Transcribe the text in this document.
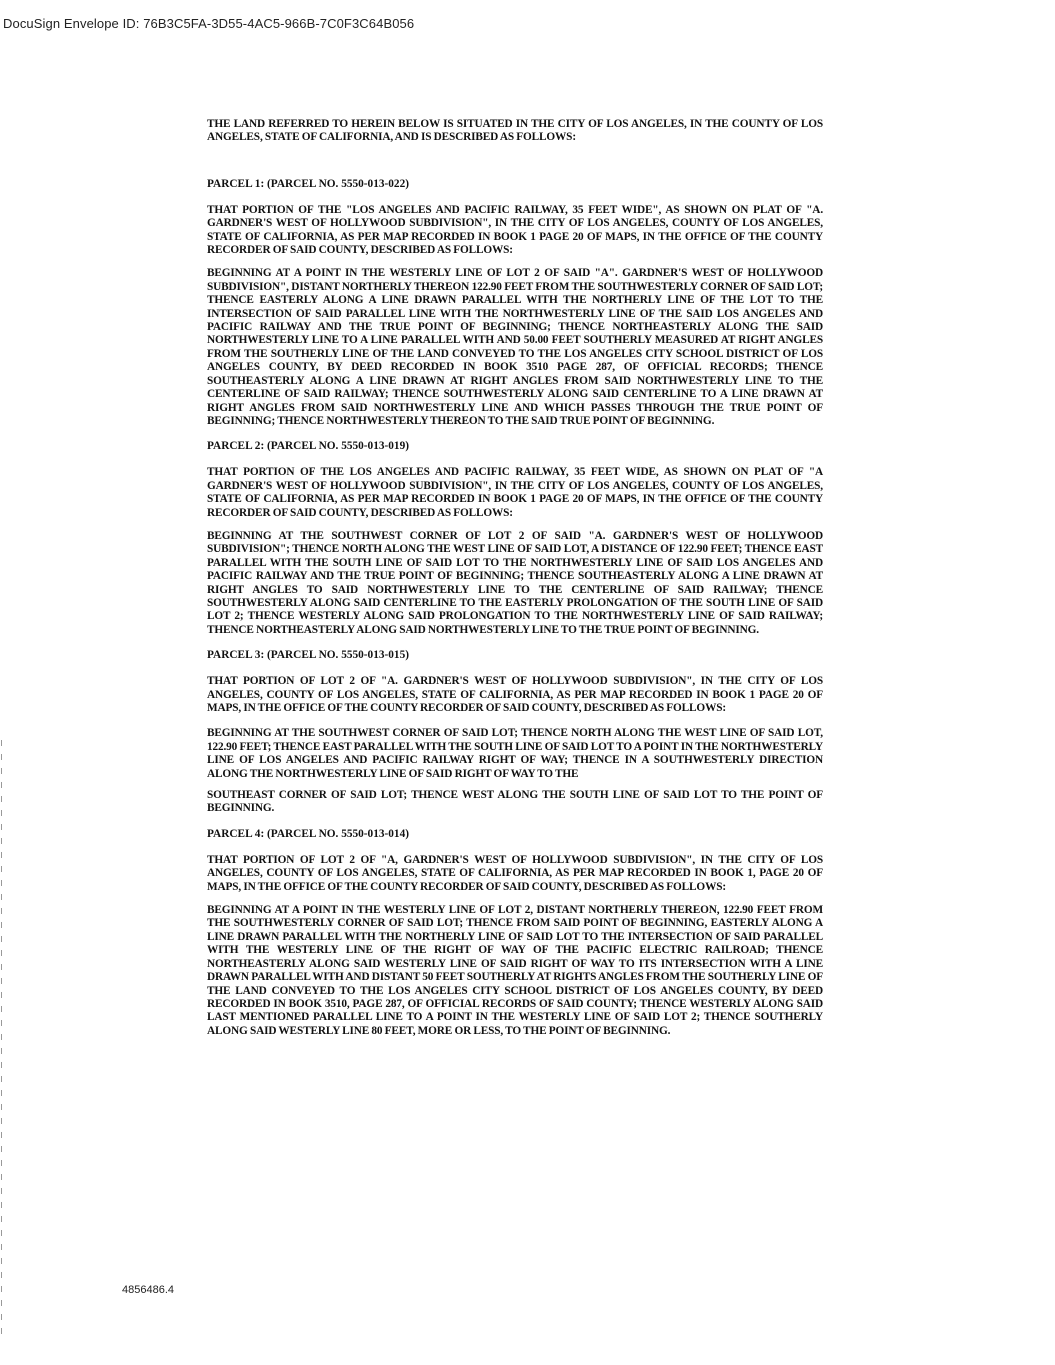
DocuSign Envelope ID: 76B3C5FA-3D55-4AC5-966B-7C0F3C64B056

THE LAND REFERRED TO HEREIN BELOW IS SITUATED IN THE CITY OF LOS ANGELES, IN THE COUNTY OF LOS ANGELES, STATE OF CALIFORNIA, AND IS DESCRIBED AS FOLLOWS:

PARCEL 1: (PARCEL NO. 5550-013-022)

THAT PORTION OF THE "LOS ANGELES AND PACIFIC RAILWAY, 35 FEET WIDE", AS SHOWN ON PLAT OF "A. GARDNER'S WEST OF HOLLYWOOD SUBDIVISION", IN THE CITY OF LOS ANGELES, COUNTY OF LOS ANGELES, STATE OF CALIFORNIA, AS PER MAP RECORDED IN BOOK 1 PAGE 20 OF MAPS, IN THE OFFICE OF THE COUNTY RECORDER OF SAID COUNTY, DESCRIBED AS FOLLOWS:

BEGINNING AT A POINT IN THE WESTERLY LINE OF LOT 2 OF SAID "A". GARDNER'S WEST OF HOLLYWOOD SUBDIVISION", DISTANT NORTHERLY THEREON 122.90 FEET FROM THE SOUTHWESTERLY CORNER OF SAID LOT; THENCE EASTERLY ALONG A LINE DRAWN PARALLEL WITH THE NORTHERLY LINE OF THE LOT TO THE INTERSECTION OF SAID PARALLEL LINE WITH THE NORTHWESTERLY LINE OF THE SAID LOS ANGELES AND PACIFIC RAILWAY AND THE TRUE POINT OF BEGINNING; THENCE NORTHEASTERLY ALONG THE SAID NORTHWESTERLY LINE TO A LINE PARALLEL WITH AND 50.00 FEET SOUTHERLY MEASURED AT RIGHT ANGLES FROM THE SOUTHERLY LINE OF THE LAND CONVEYED TO THE LOS ANGELES CITY SCHOOL DISTRICT OF LOS ANGELES COUNTY, BY DEED RECORDED IN BOOK 3510 PAGE 287, OF OFFICIAL RECORDS; THENCE SOUTHEASTERLY ALONG A LINE DRAWN AT RIGHT ANGLES FROM SAID NORTHWESTERLY LINE TO THE CENTERLINE OF SAID RAILWAY; THENCE SOUTHWESTERLY ALONG SAID CENTERLINE TO A LINE DRAWN AT RIGHT ANGLES FROM SAID NORTHWESTERLY LINE AND WHICH PASSES THROUGH THE TRUE POINT OF BEGINNING; THENCE NORTHWESTERLY THEREON TO THE SAID TRUE POINT OF BEGINNING.

PARCEL 2: (PARCEL NO. 5550-013-019)

THAT PORTION OF THE LOS ANGELES AND PACIFIC RAILWAY, 35 FEET WIDE, AS SHOWN ON PLAT OF "A GARDNER'S WEST OF HOLLYWOOD SUBDIVISION", IN THE CITY OF LOS ANGELES, COUNTY OF LOS ANGELES, STATE OF CALIFORNIA, AS PER MAP RECORDED IN BOOK 1 PAGE 20 OF MAPS, IN THE OFFICE OF THE COUNTY RECORDER OF SAID COUNTY, DESCRIBED AS FOLLOWS:

BEGINNING AT THE SOUTHWEST CORNER OF LOT 2 OF SAID "A. GARDNER'S WEST OF HOLLYWOOD SUBDIVISION"; THENCE NORTH ALONG THE WEST LINE OF SAID LOT, A DISTANCE OF 122.90 FEET; THENCE EAST PARALLEL WITH THE SOUTH LINE OF SAID LOT TO THE NORTHWESTERLY LINE OF SAID LOS ANGELES AND PACIFIC RAILWAY AND THE TRUE POINT OF BEGINNING; THENCE SOUTHEASTERLY ALONG A LINE DRAWN AT RIGHT ANGLES TO SAID NORTHWESTERLY LINE TO THE CENTERLINE OF SAID RAILWAY; THENCE SOUTHWESTERLY ALONG SAID CENTERLINE TO THE EASTERLY PROLONGATION OF THE SOUTH LINE OF SAID LOT 2; THENCE WESTERLY ALONG SAID PROLONGATION TO THE NORTHWESTERLY LINE OF SAID RAILWAY; THENCE NORTHEASTERLY ALONG SAID NORTHWESTERLY LINE TO THE TRUE POINT OF BEGINNING.

PARCEL 3: (PARCEL NO. 5550-013-015)

THAT PORTION OF LOT 2 OF "A. GARDNER'S WEST OF HOLLYWOOD SUBDIVISION", IN THE CITY OF LOS ANGELES, COUNTY OF LOS ANGELES, STATE OF CALIFORNIA, AS PER MAP RECORDED IN BOOK 1 PAGE 20 OF MAPS, IN THE OFFICE OF THE COUNTY RECORDER OF SAID COUNTY, DESCRIBED AS FOLLOWS:

BEGINNING AT THE SOUTHWEST CORNER OF SAID LOT; THENCE NORTH ALONG THE WEST LINE OF SAID LOT, 122.90 FEET; THENCE EAST PARALLEL WITH THE SOUTH LINE OF SAID LOT TO A POINT IN THE NORTHWESTERLY LINE OF LOS ANGELES AND PACIFIC RAILWAY RIGHT OF WAY; THENCE IN A SOUTHWESTERLY DIRECTION ALONG THE NORTHWESTERLY LINE OF SAID RIGHT OF WAY TO THE

SOUTHEAST CORNER OF SAID LOT; THENCE WEST ALONG THE SOUTH LINE OF SAID LOT TO THE POINT OF BEGINNING.

PARCEL 4: (PARCEL NO. 5550-013-014)

THAT PORTION OF LOT 2 OF "A, GARDNER'S WEST OF HOLLYWOOD SUBDIVISION", IN THE CITY OF LOS ANGELES, COUNTY OF LOS ANGELES, STATE OF CALIFORNIA, AS PER MAP RECORDED IN BOOK 1, PAGE 20 OF MAPS, IN THE OFFICE OF THE COUNTY RECORDER OF SAID COUNTY, DESCRIBED AS FOLLOWS:

BEGINNING AT A POINT IN THE WESTERLY LINE OF LOT 2, DISTANT NORTHERLY THEREON, 122.90 FEET FROM THE SOUTHWESTERLY CORNER OF SAID LOT; THENCE FROM SAID POINT OF BEGINNING, EASTERLY ALONG A LINE DRAWN PARALLEL WITH THE NORTHERLY LINE OF SAID LOT TO THE INTERSECTION OF SAID PARALLEL WITH THE WESTERLY LINE OF THE RIGHT OF WAY OF THE PACIFIC ELECTRIC RAILROAD; THENCE NORTHEASTERLY ALONG SAID WESTERLY LINE OF SAID RIGHT OF WAY TO ITS INTERSECTION WITH A LINE DRAWN PARALLEL WITH AND DISTANT 50 FEET SOUTHERLY AT RIGHTS ANGLES FROM THE SOUTHERLY LINE OF THE LAND CONVEYED TO THE LOS ANGELES CITY SCHOOL DISTRICT OF LOS ANGELES COUNTY, BY DEED RECORDED IN BOOK 3510, PAGE 287, OF OFFICIAL RECORDS OF SAID COUNTY; THENCE WESTERLY ALONG SAID LAST MENTIONED PARALLEL LINE TO A POINT IN THE WESTERLY LINE OF SAID LOT 2; THENCE SOUTHERLY ALONG SAID WESTERLY LINE 80 FEET, MORE OR LESS, TO THE POINT OF BEGINNING.

4856486.4
